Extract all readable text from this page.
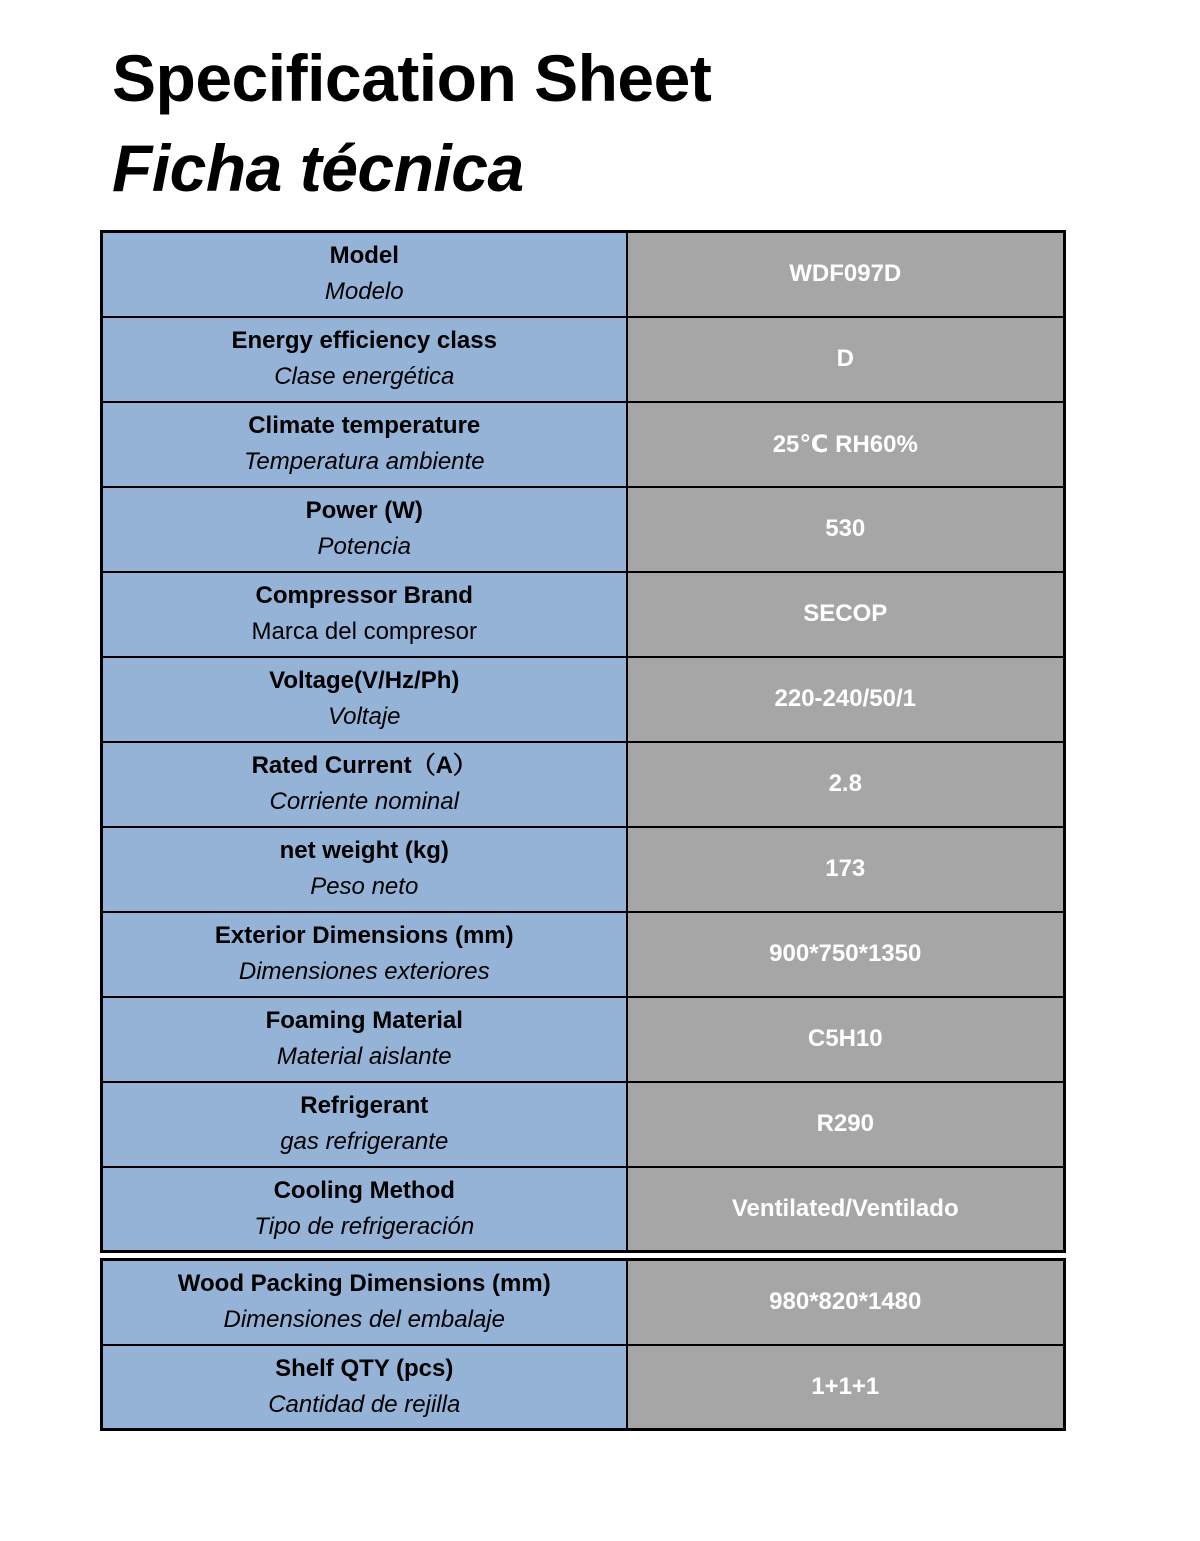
Specification Sheet
Ficha técnica
Model
Modelo	WDF097D

Energy efficiency class
Clase energética	D

Climate temperature
Temperatura ambiente	25℃ RH60%

Power (W)
Potencia	530

Compressor Brand
Marca del compresor	SECOP

Voltage(V/Hz/Ph)
Voltaje	220-240/50/1

Rated Current（A）
Corriente nominal	2.8

net weight (kg)
Peso neto	173

Exterior Dimensions (mm)
Dimensiones exteriores	900*750*1350

Foaming Material
Material aislante	C5H10

Refrigerant
gas refrigerante	R290

Cooling Method
Tipo de refrigeración	Ventilated/Ventilado
Wood Packing Dimensions (mm)
Dimensiones del embalaje	980*820*1480

Shelf QTY (pcs)
Cantidad de rejilla	1+1+1
